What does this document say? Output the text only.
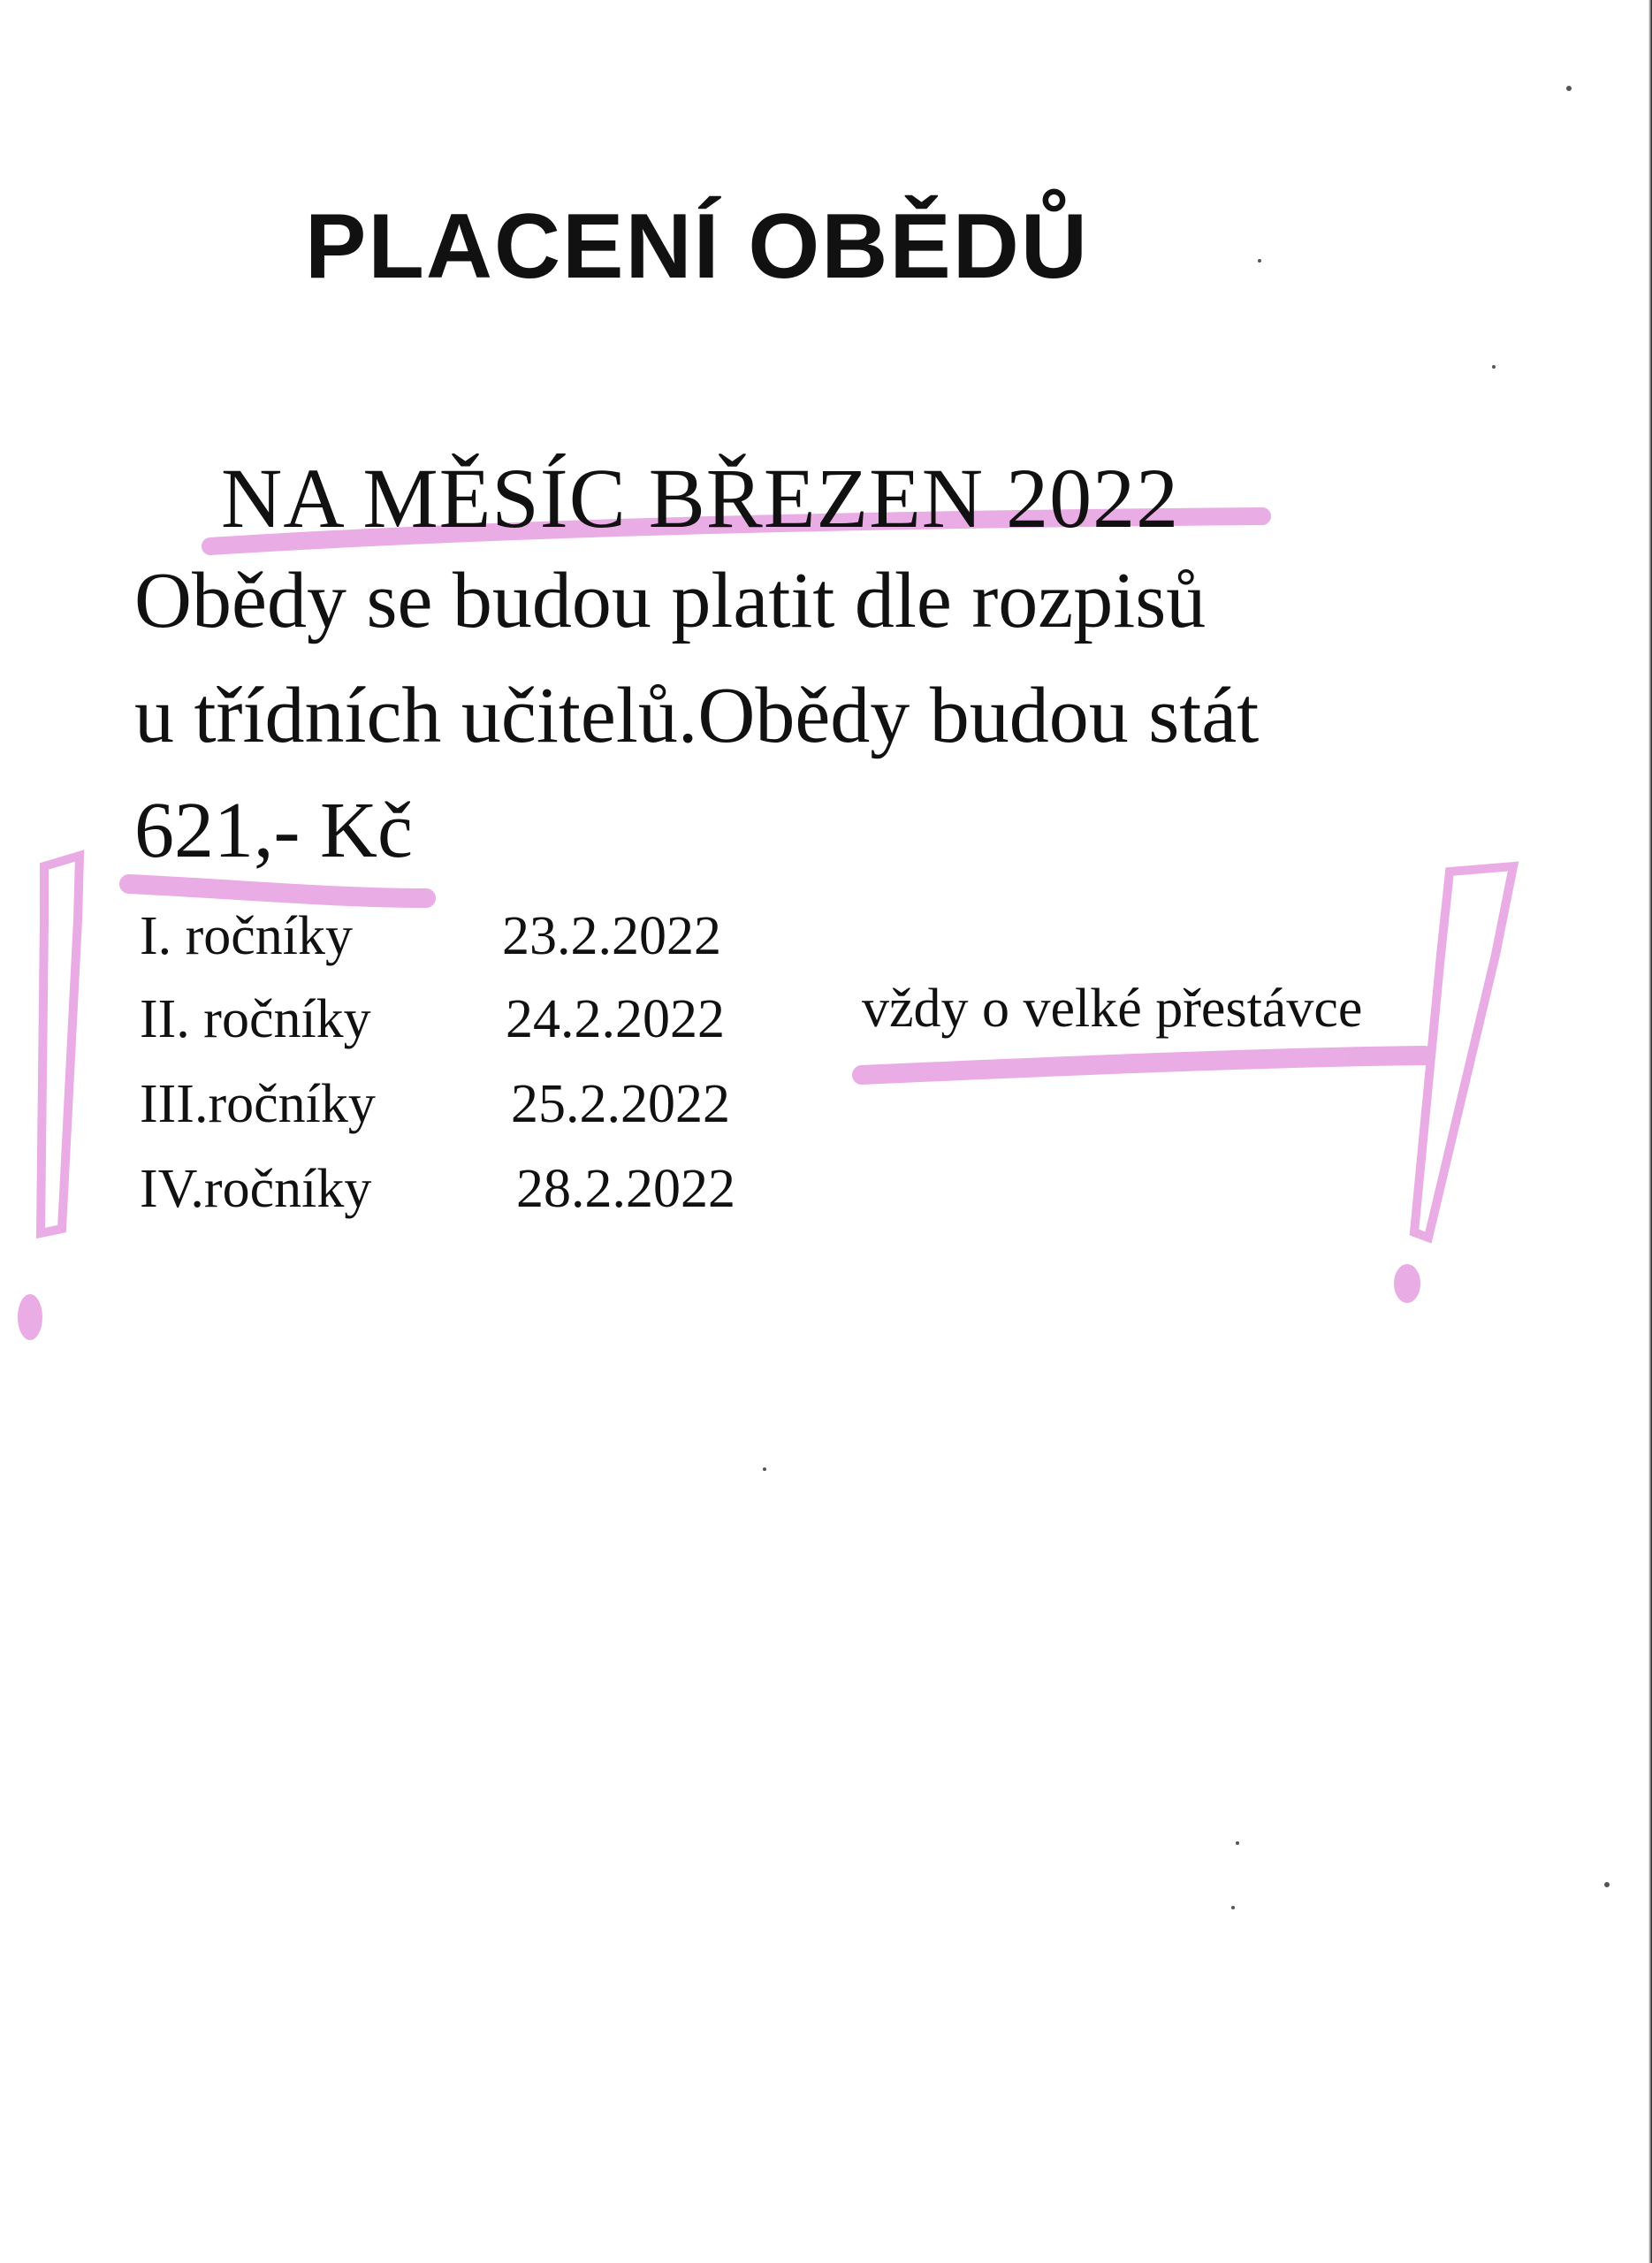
PLACENÍ OBĚDŮ
NA MĚSÍC BŘEZEN 2022
Obědy se budou platit dle rozpisů
u třídních učitelů.Obědy budou stát
621,- Kč
I. ročníky	23.2.2022
II. ročníky 24.2.2022
III.ročníky 25.2.2022
IV.ročníky	28.2.2022
vždy o velké přestávce
